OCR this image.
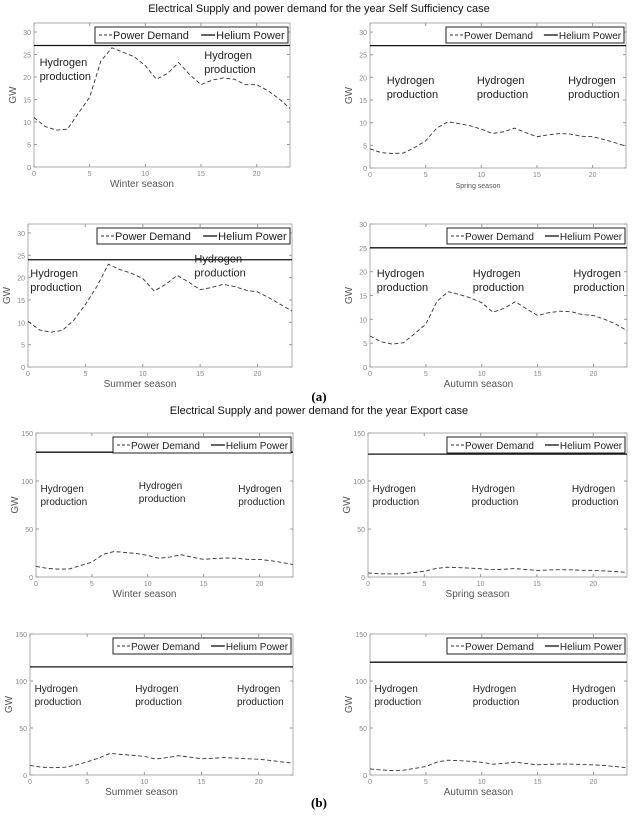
Electrical Supply and power demand for the year Self Sufficiency case
(a)
Electrical Supply and power demand for the year Export case
(b)
0
5
10
15
20
25
30
0	5	10	15	20
Winter season
GW
Power Demand Helium Power
Hydrogen production
Hydrogen production
0
5
10
15
20
25
30
0	5	10	15	20
Spring season
GW
Power Demand	Helium Power
Hydrogen production
Hydrogen production
Hydrogen production
0
5
10
15
20
25
30
0	5	10	15	20
Summer season
GW
Power Demand Helium Power
Hydrogen production
Hydrogen production
0
5
10
15
20
25
30
0	5	10	15	20
Autumn season
GW
Power Demand	Helium Power
Hydrogen production
Hydrogen production
Hydrogen production
0
50
100
150
0	5	10	15	20
Winter season
GW
Power Demand	Helium Power
Hydrogen production
Hydrogen production
Hydrogen production
0
50
100
150
0	5	10	15	20
Spring season
GW
Power Demand	Helium Power
Hydrogen production
Hydrogen production
Hydrogen production
0
50
100
150
0	5	10	15	20
Summer season
GW
Power Demand	Helium Power
Hydrogen production
Hydrogen production
Hydrogen production
0
50
100
150
0	5	10	15	20
Autumn season
GW
Power Demand	Helium Power
Hydrogen production
Hydrogen production
Hydrogen production
